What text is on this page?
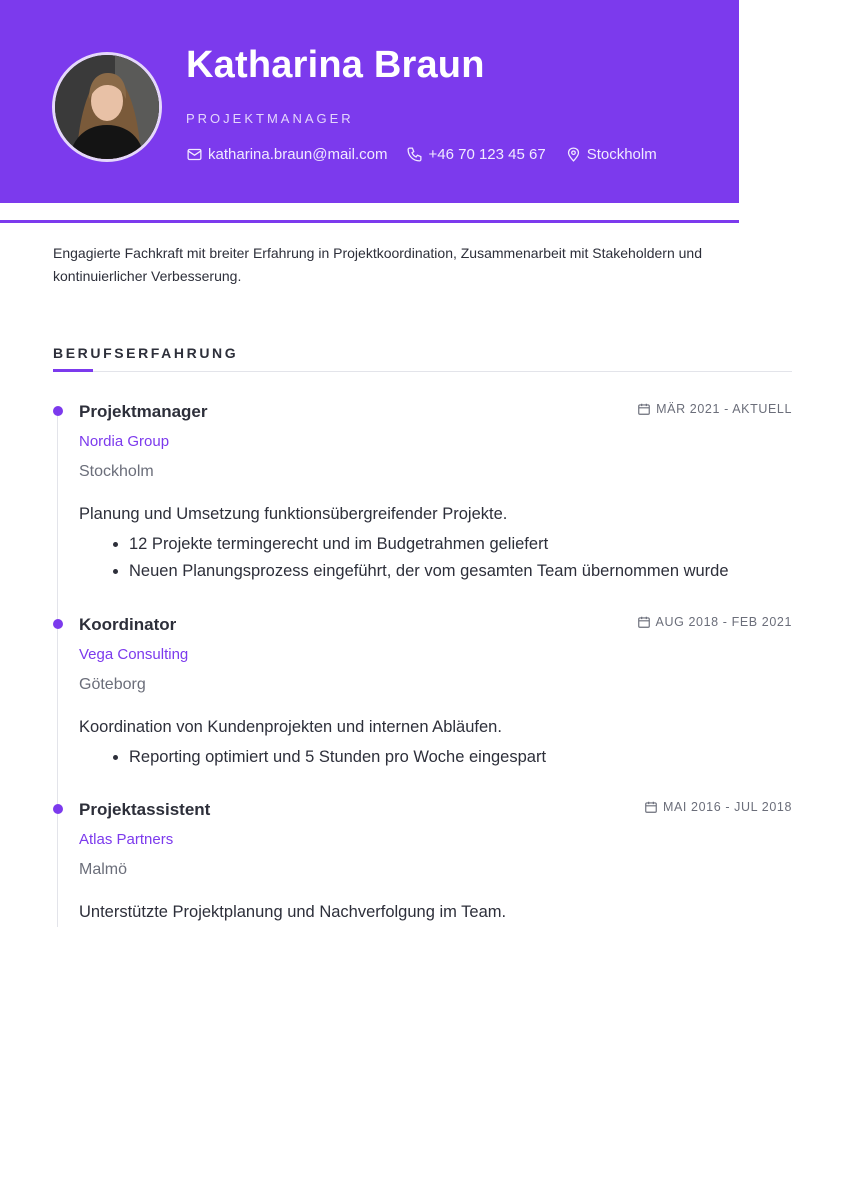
Katharina Braun
PROJEKTMANAGER
katharina.braun@mail.com	+46 70 123 45 67	Stockholm
Engagierte Fachkraft mit breiter Erfahrung in Projektkoordination, Zusammenarbeit mit Stakeholdern und kontinuierlicher Verbesserung.
BERUFSERFAHRUNG
Projektmanager	MÄR 2021 - AKTUELL
Nordia Group
Stockholm
Planung und Umsetzung funktionsübergreifender Projekte.
• 12 Projekte termingerecht und im Budgetrahmen geliefert
• Neuen Planungsprozess eingeführt, der vom gesamten Team übernommen wurde
Koordinator	AUG 2018 - FEB 2021
Vega Consulting
Göteborg
Koordination von Kundenprojekten und internen Abläufen.
• Reporting optimiert und 5 Stunden pro Woche eingespart
Projektassistent	MAI 2016 - JUL 2018
Atlas Partners
Malmö
Unterstützte Projektplanung und Nachverfolgung im Team.
